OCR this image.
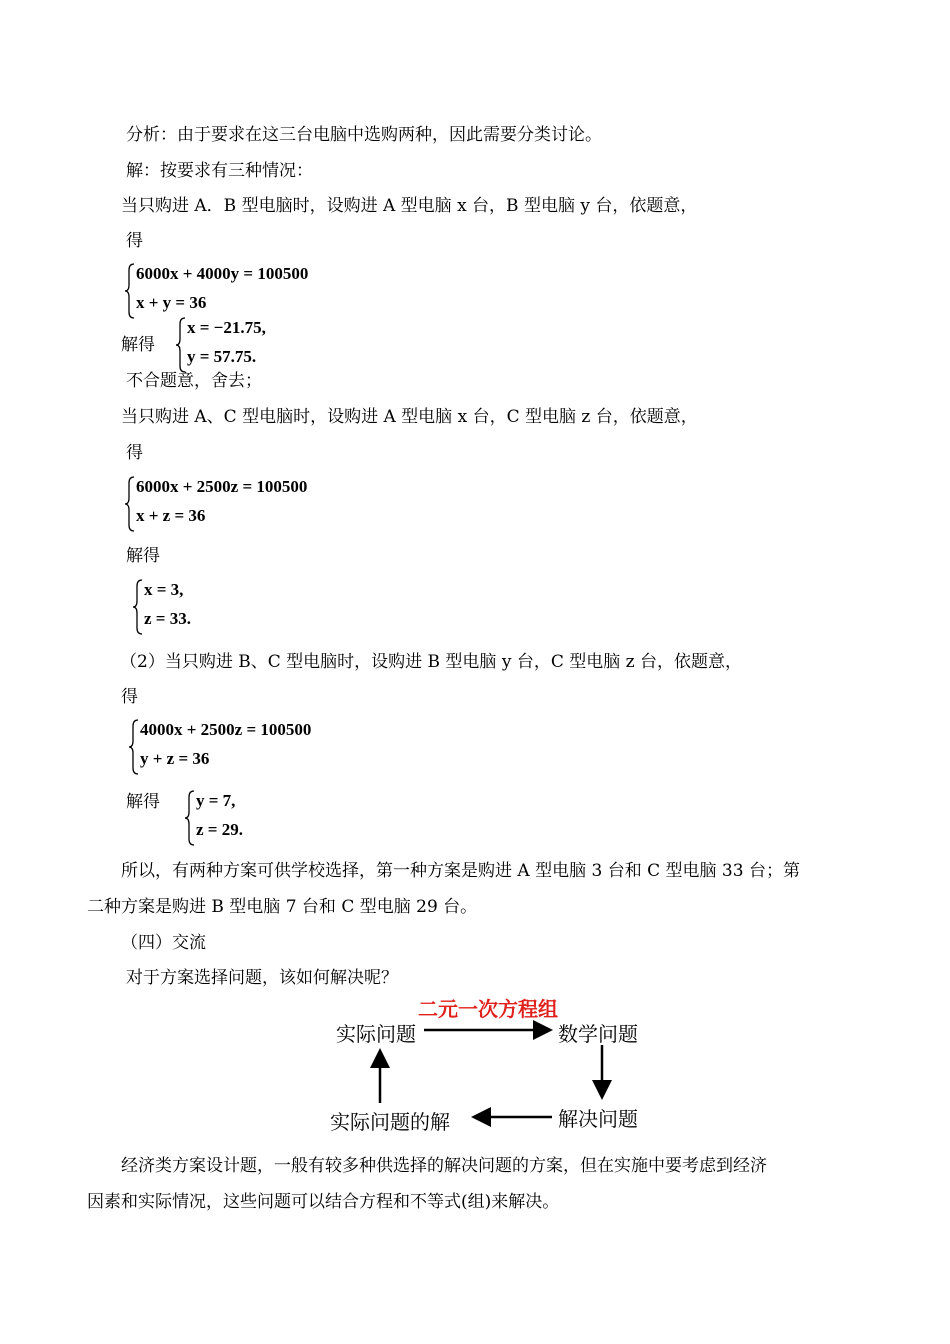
分析：由于要求在这三台电脑中选购两种，因此需要分类讨论。
解：按要求有三种情况：
当只购进 A．B 型电脑时，设购进 A 型电脑 x 台，B 型电脑 y 台，依题意，
得
6000x + 4000y = 100500
x + y = 36
解得
x = −21.75,
y = 57.75.
不合题意，舍去；
当只购进 A、C 型电脑时，设购进 A 型电脑 x 台，C 型电脑 z 台，依题意，
得
6000x + 2500z = 100500
x + z = 36
解得
x = 3,
z = 33.
（2）当只购进 B、C 型电脑时，设购进 B 型电脑 y 台，C 型电脑 z 台，依题意，
得
4000x + 2500z = 100500
y + z = 36
解得 y = 7,
z = 29.
所以，有两种方案可供学校选择，第一种方案是购进 A 型电脑 3 台和 C 型电脑 33 台；第
二种方案是购进 B 型电脑 7 台和 C 型电脑 29 台。
（四）交流
对于方案选择问题，该如何解决呢？
二元一次方程组
实际问题	数学问题
解决问题
实际问题的解
经济类方案设计题，一般有较多种供选择的解决问题的方案，但在实施中要考虑到经济
因素和实际情况，这些问题可以结合方程和不等式(组)来解决。
